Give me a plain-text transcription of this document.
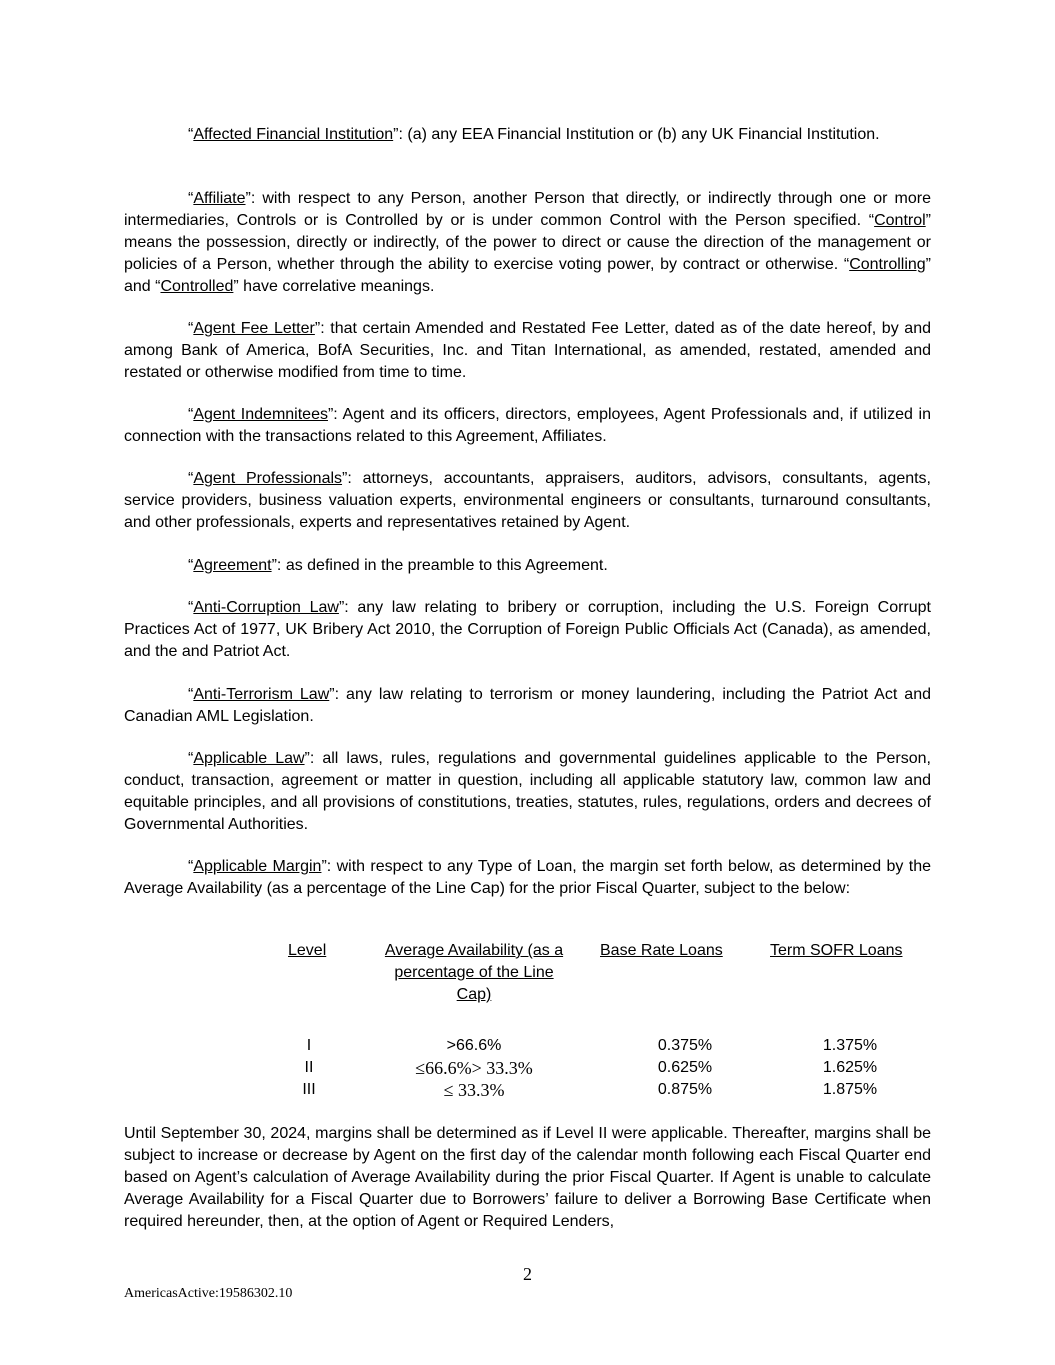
“Affected Financial Institution”: (a) any EEA Financial Institution or (b) any UK Financial Institution.

“Affiliate”: with respect to any Person, another Person that directly, or indirectly through one or more intermediaries, Controls or is Controlled by or is under common Control with the Person specified. “Control” means the possession, directly or indirectly, of the power to direct or cause the direction of the management or policies of a Person, whether through the ability to exercise voting power, by contract or otherwise. “Controlling” and “Controlled” have correlative meanings.

“Agent Fee Letter”: that certain Amended and Restated Fee Letter, dated as of the date hereof, by and among Bank of America, BofA Securities, Inc. and Titan International, as amended, restated, amended and restated or otherwise modified from time to time.

“Agent Indemnitees”: Agent and its officers, directors, employees, Agent Professionals and, if utilized in connection with the transactions related to this Agreement, Affiliates.

“Agent Professionals”: attorneys, accountants, appraisers, auditors, advisors, consultants, agents, service providers, business valuation experts, environmental engineers or consultants, turnaround consultants, and other professionals, experts and representatives retained by Agent.

“Agreement”: as defined in the preamble to this Agreement.

“Anti-Corruption Law”: any law relating to bribery or corruption, including the U.S. Foreign Corrupt Practices Act of 1977, UK Bribery Act 2010, the Corruption of Foreign Public Officials Act (Canada), as amended, and the and Patriot Act.

“Anti-Terrorism Law”: any law relating to terrorism or money laundering, including the Patriot Act and Canadian AML Legislation.

“Applicable Law”: all laws, rules, regulations and governmental guidelines applicable to the Person, conduct, transaction, agreement or matter in question, including all applicable statutory law, common law and equitable principles, and all provisions of constitutions, treaties, statutes, rules, regulations, orders and decrees of Governmental Authorities.

“Applicable Margin”: with respect to any Type of Loan, the margin set forth below, as determined by the Average Availability (as a percentage of the Line Cap) for the prior Fiscal Quarter, subject to the below:

Level	Average Availability (as a percentage of the Line Cap)	Base Rate Loans	Term SOFR Loans

I	>66.6%	0.375%	1.375%
II	≤66.6%> 33.3%	0.625%	1.625%
III	≤ 33.3%	0.875%	1.875%

Until September 30, 2024, margins shall be determined as if Level II were applicable. Thereafter, margins shall be subject to increase or decrease by Agent on the first day of the calendar month following each Fiscal Quarter end based on Agent’s calculation of Average Availability during the prior Fiscal Quarter. If Agent is unable to calculate Average Availability for a Fiscal Quarter due to Borrowers’ failure to deliver a Borrowing Base Certificate when required hereunder, then, at the option of Agent or Required Lenders,

2
AmericasActive:19586302.10
